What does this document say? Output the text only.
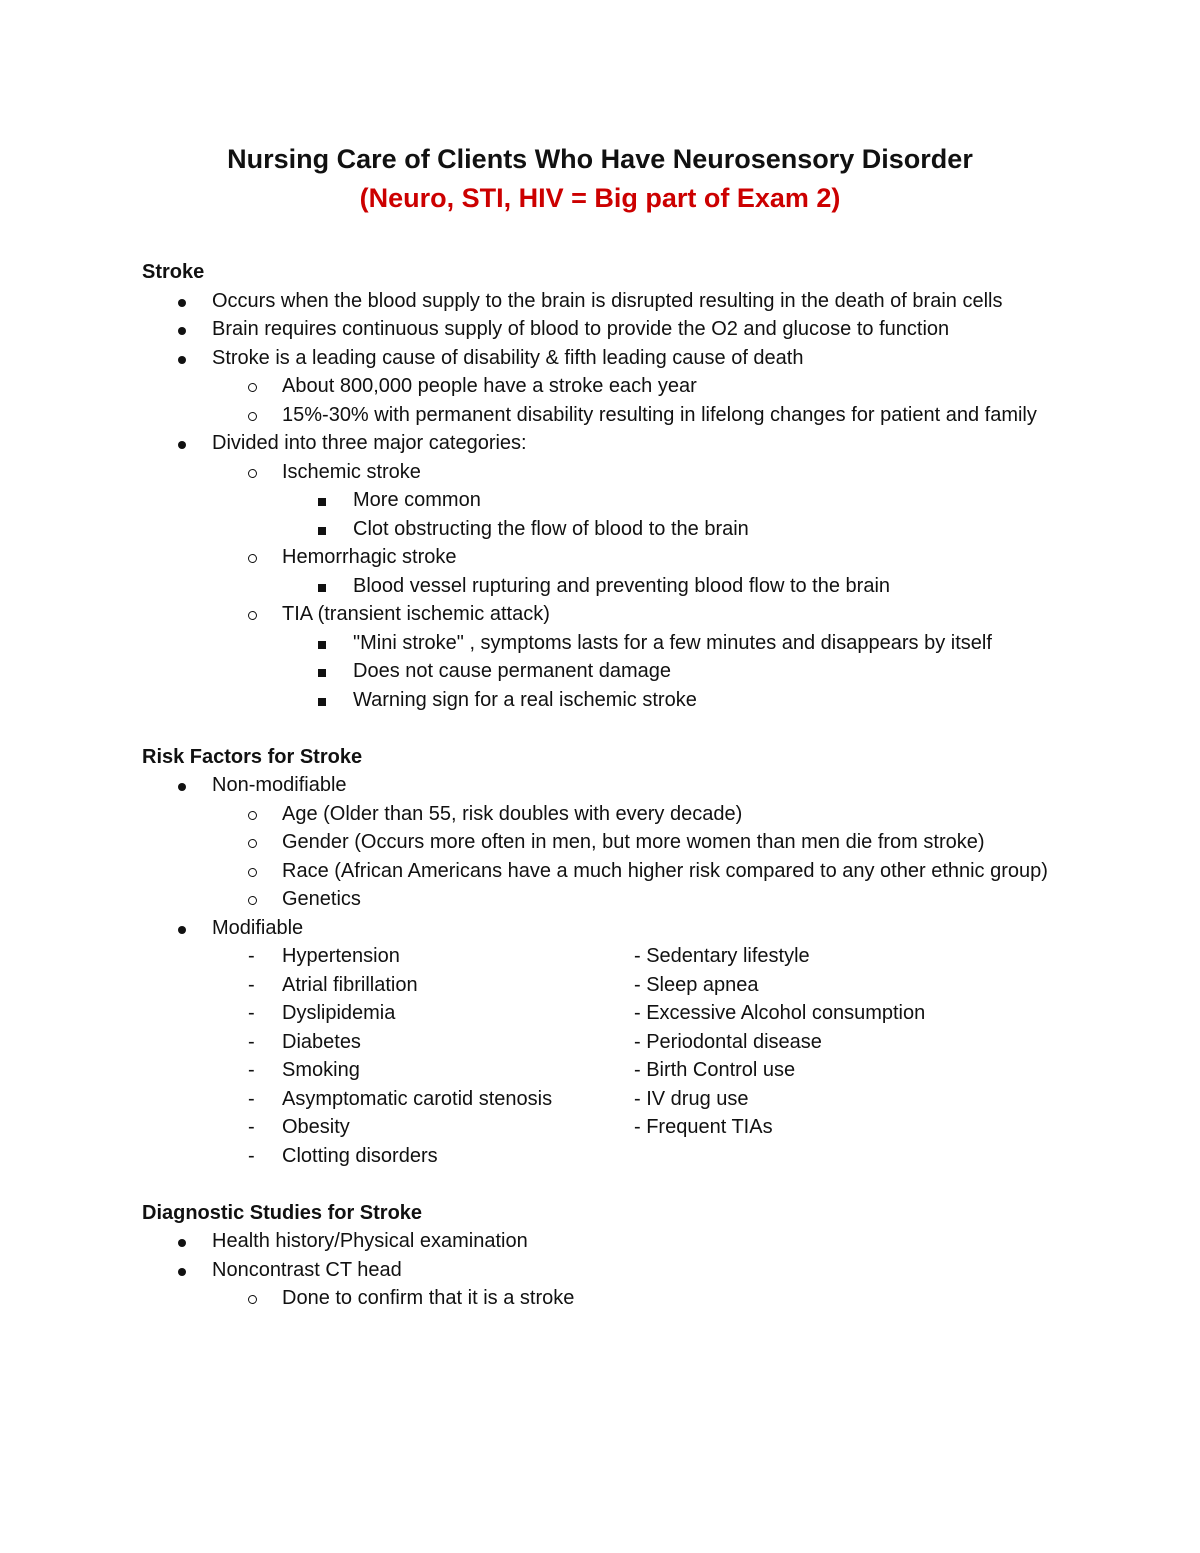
Nursing Care of Clients Who Have Neurosensory Disorder
(Neuro, STI, HIV = Big part of Exam 2)

Stroke

Occurs when the blood supply to the brain is disrupted resulting in the death of brain cells
Brain requires continuous supply of blood to provide the O2 and glucose to function
Stroke is a leading cause of disability & fifth leading cause of death
About 800,000 people have a stroke each year
15%-30% with permanent disability resulting in lifelong changes for patient and family
Divided into three major categories:
Ischemic stroke
More common
Clot obstructing the flow of blood to the brain
Hemorrhagic stroke
Blood vessel rupturing and preventing blood flow to the brain
TIA (transient ischemic attack)
"Mini stroke" , symptoms lasts for a few minutes and disappears by itself
Does not cause permanent damage
Warning sign for a real ischemic stroke

Risk Factors for Stroke

Non-modifiable
Age (Older than 55, risk doubles with every decade)
Gender (Occurs more often in men, but more women than men die from stroke)
Race (African Americans have a much higher risk compared to any other ethnic group)
Genetics
Modifiable
- Hypertension
- Atrial fibrillation
- Dyslipidemia
- Diabetes
- Smoking
- Asymptomatic carotid stenosis
- Obesity
- Clotting disorders
- Sedentary lifestyle
- Sleep apnea
- Excessive Alcohol consumption
- Periodontal disease
- Birth Control use
- IV drug use
- Frequent TIAs

Diagnostic Studies for Stroke

Health history/Physical examination
Noncontrast CT head
Done to confirm that it is a stroke
